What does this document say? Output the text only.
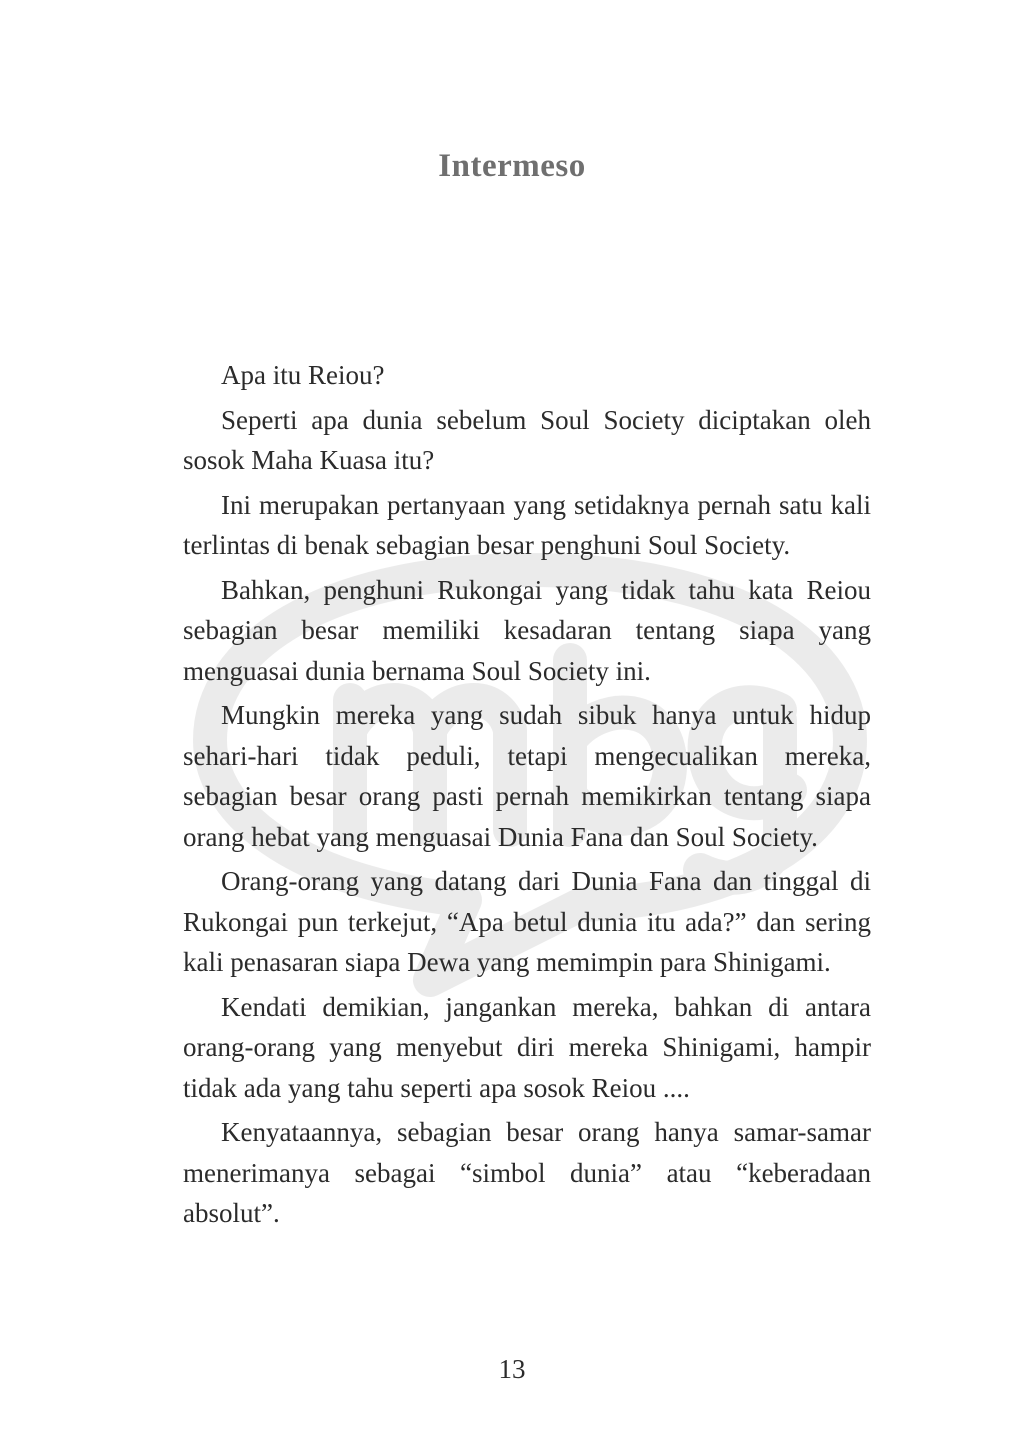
Intermeso

Apa itu Reiou?

Seperti apa dunia sebelum Soul Society diciptakan oleh sosok Maha Kuasa itu?

Ini merupakan pertanyaan yang setidaknya pernah satu kali terlintas di benak sebagian besar penghuni Soul Society.

Bahkan, penghuni Rukongai yang tidak tahu kata Reiou sebagian besar memiliki kesadaran tentang siapa yang menguasai dunia bernama Soul Society ini.

Mungkin mereka yang sudah sibuk hanya untuk hidup sehari-hari tidak peduli, tetapi mengecualikan mereka, sebagian besar orang pasti pernah memikirkan tentang siapa orang hebat yang menguasai Dunia Fana dan Soul Society.

Orang-orang yang datang dari Dunia Fana dan tinggal di Rukongai pun terkejut, “Apa betul dunia itu ada?” dan sering kali penasaran siapa Dewa yang memimpin para Shinigami.

Kendati demikian, jangankan mereka, bahkan di antara orang-orang yang menyebut diri mereka Shinigami, hampir tidak ada yang tahu seperti apa sosok Reiou ....

Kenyataannya, sebagian besar orang hanya samar-samar menerimanya sebagai “simbol dunia” atau “keberadaan absolut”.

13
